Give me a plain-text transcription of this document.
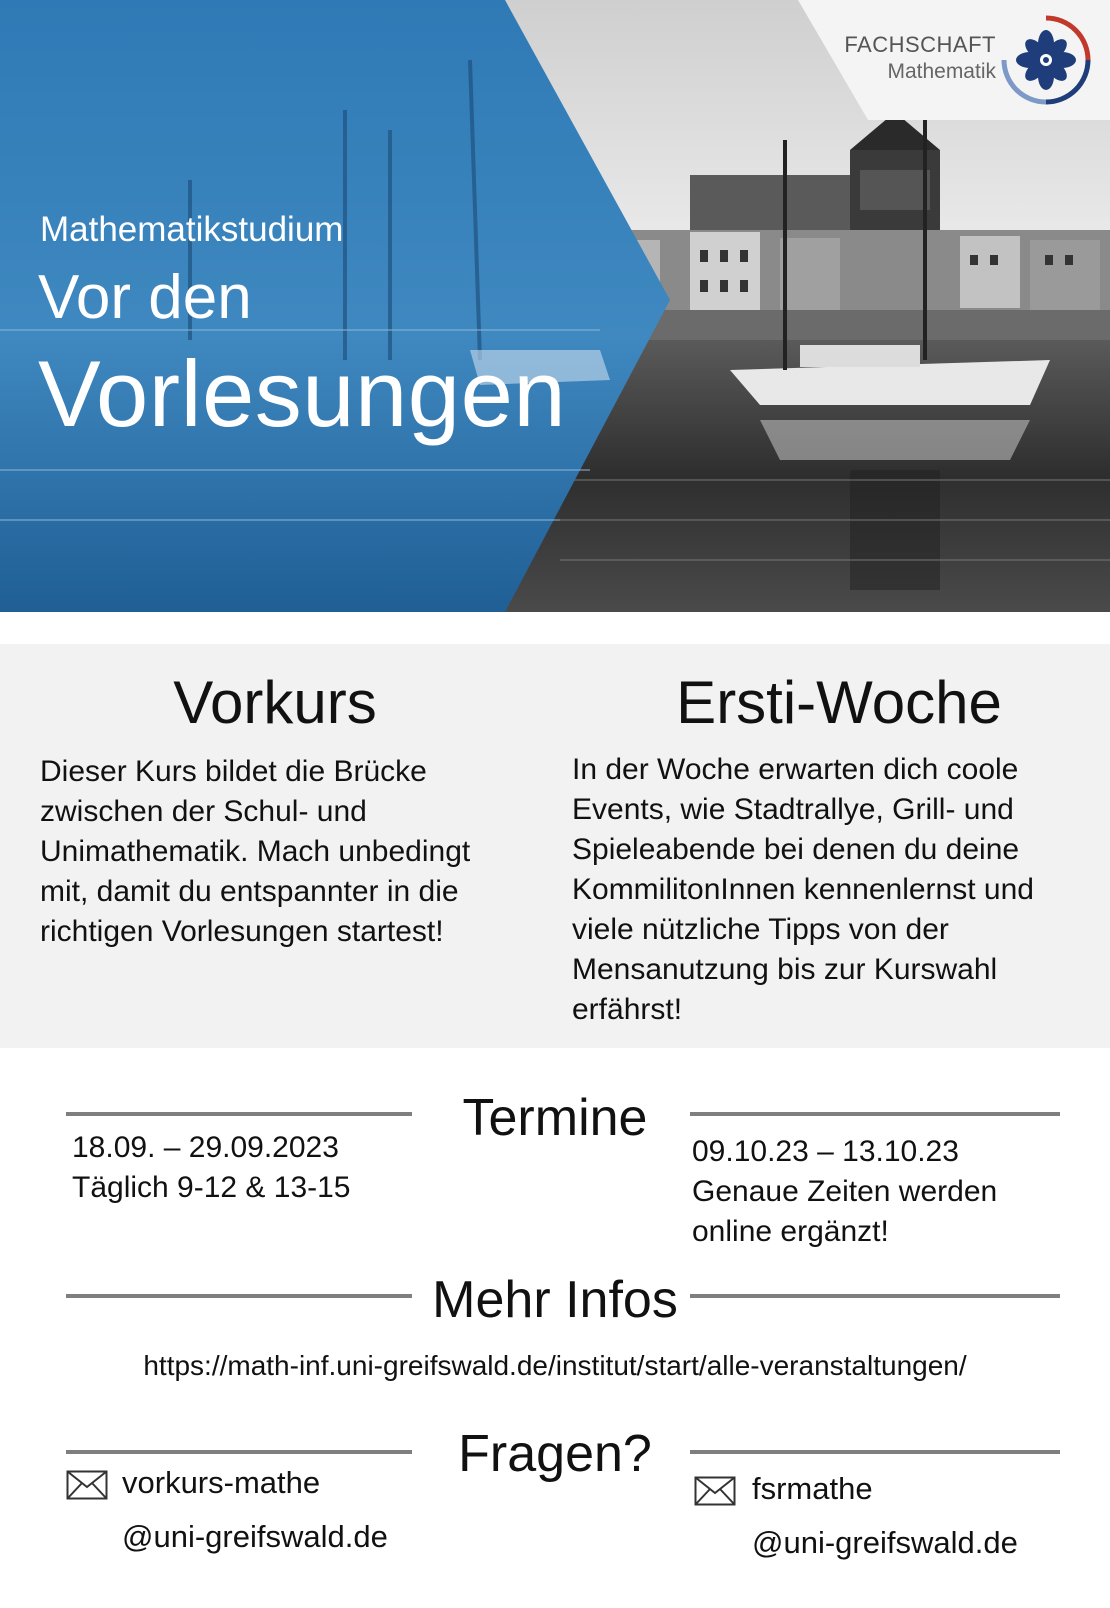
Mathematikstudium
Vor den
Vorlesungen
FACHSCHAFT
Mathematik
Vorkurs
Dieser Kurs bildet die Brücke
zwischen der Schul- und
Unimathematik. Mach unbedingt
mit, damit du entspannter in die
richtigen Vorlesungen startest!
Ersti-Woche
In der Woche erwarten dich coole
Events, wie Stadtrallye, Grill- und
Spieleabende bei denen du deine
KommilitonInnen kennenlernst und
viele nützliche Tipps von der
Mensanutzung bis zur Kurswahl
erfährst!
Termine
18.09. – 29.09.2023
Täglich 9-12 & 13-15
09.10.23 – 13.10.23
Genaue Zeiten werden
online ergänzt!
Mehr Infos
https://math-inf.uni-greifswald.de/institut/start/alle-veranstaltungen/
Fragen?
vorkurs-mathe
@uni-greifswald.de
fsrmathe
@uni-greifswald.de
